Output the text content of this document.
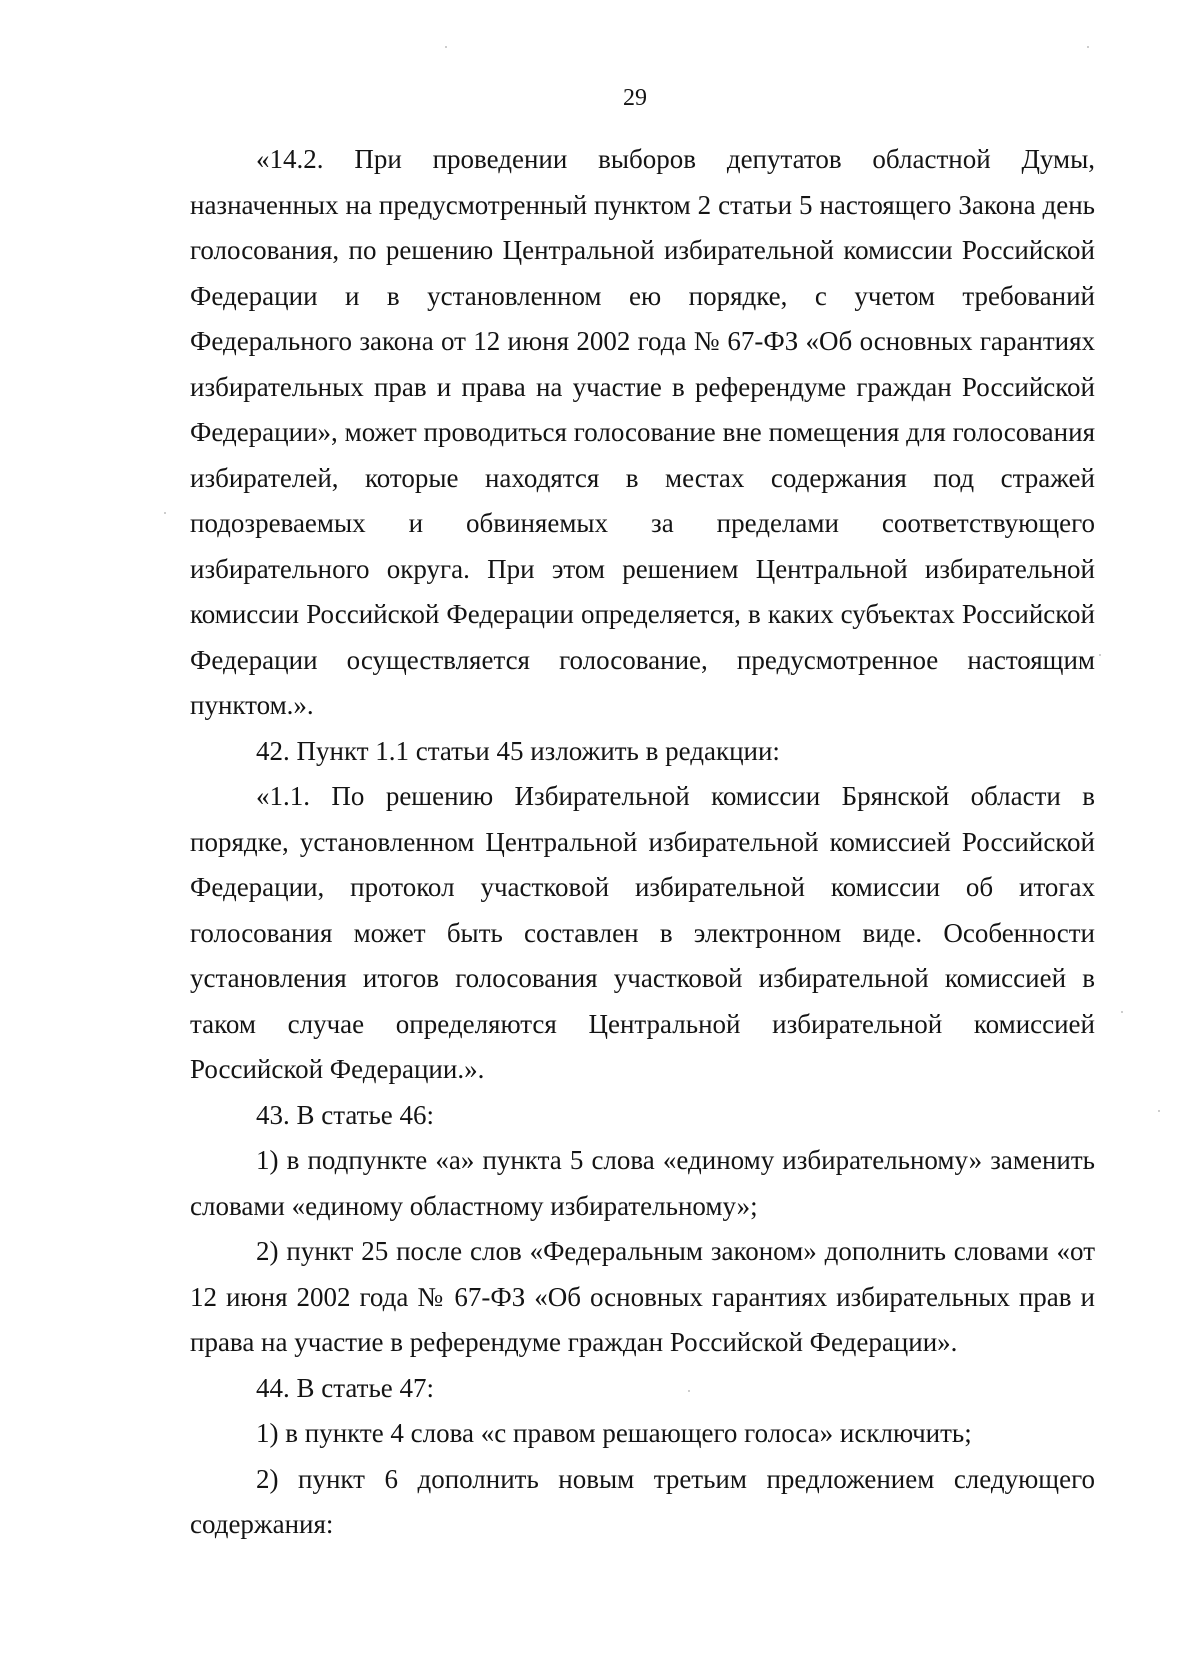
29

«14.2. При проведении выборов депутатов областной Думы, назначенных на предусмотренный пунктом 2 статьи 5 настоящего Закона день голосования, по решению Центральной избирательной комиссии Российской Федерации и в установленном ею порядке, с учетом требований Федерального закона от 12 июня 2002 года № 67-ФЗ «Об основных гарантиях избирательных прав и права на участие в референдуме граждан Российской Федерации», может проводиться голосование вне помещения для голосования избирателей, которые находятся в местах содержания под стражей подозреваемых и обвиняемых за пределами соответствующего избирательного округа. При этом решением Центральной избирательной комиссии Российской Федерации определяется, в каких субъектах Российской Федерации осуществляется голосование, предусмотренное настоящим пунктом.».

42. Пункт 1.1 статьи 45 изложить в редакции:

«1.1. По решению Избирательной комиссии Брянской области в порядке, установленном Центральной избирательной комиссией Российской Федерации, протокол участковой избирательной комиссии об итогах голосования может быть составлен в электронном виде. Особенности установления итогов голосования участковой избирательной комиссией в таком случае определяются Центральной избирательной комиссией Российской Федерации.».

43. В статье 46:

1) в подпункте «а» пункта 5 слова «единому избирательному» заменить словами «единому областному избирательному»;

2) пункт 25 после слов «Федеральным законом» дополнить словами «от 12 июня 2002 года № 67-ФЗ «Об основных гарантиях избирательных прав и права на участие в референдуме граждан Российской Федерации».

44. В статье 47:

1) в пункте 4 слова «с правом решающего голоса» исключить;

2) пункт 6 дополнить новым третьим предложением следующего содержания:
